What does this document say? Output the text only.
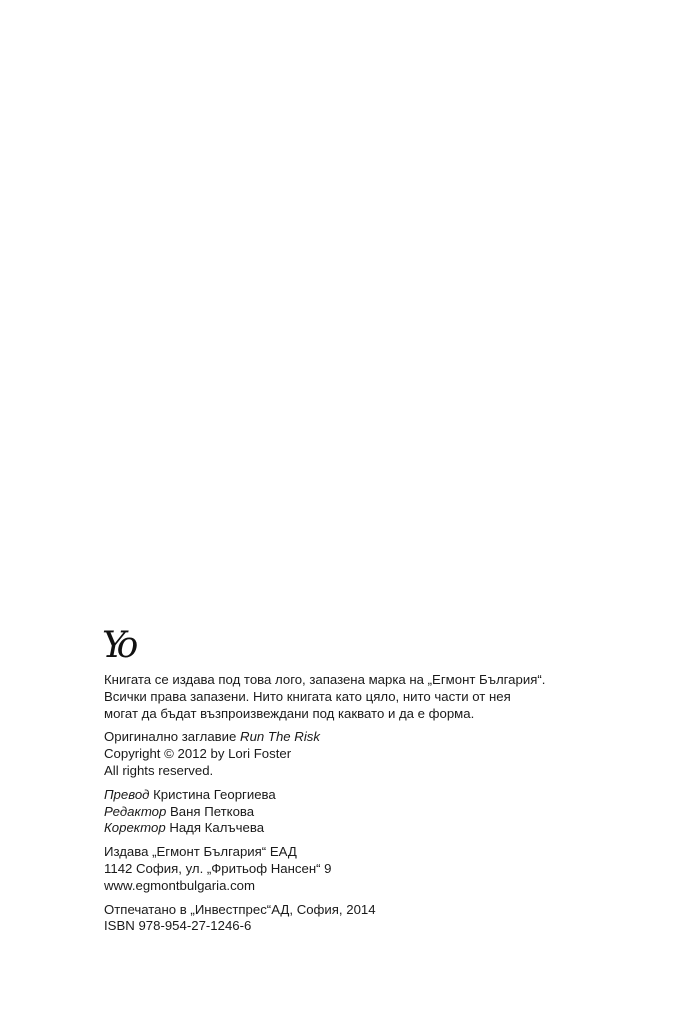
Yo
Книгата се издава под това лого, запазена марка на „Егмонт България“.
Всички права запазени. Нито книгата като цяло, нито части от нея
могат да бъдат възпроизвеждани под каквато и да е форма.
Оригинално заглавие Run The Risk
Copyright © 2012 by Lori Foster
All rights reserved.
Превод Кристина Георгиева
Редактор Ваня Петкова
Коректор Надя Калъчева
Издава „Егмонт България“ ЕАД
1142 София, ул. „Фритьоф Нансен“ 9
www.egmontbulgaria.com
Отпечатано в „Инвестпрес“АД, София, 2014
ISBN 978-954-27-1246-6
